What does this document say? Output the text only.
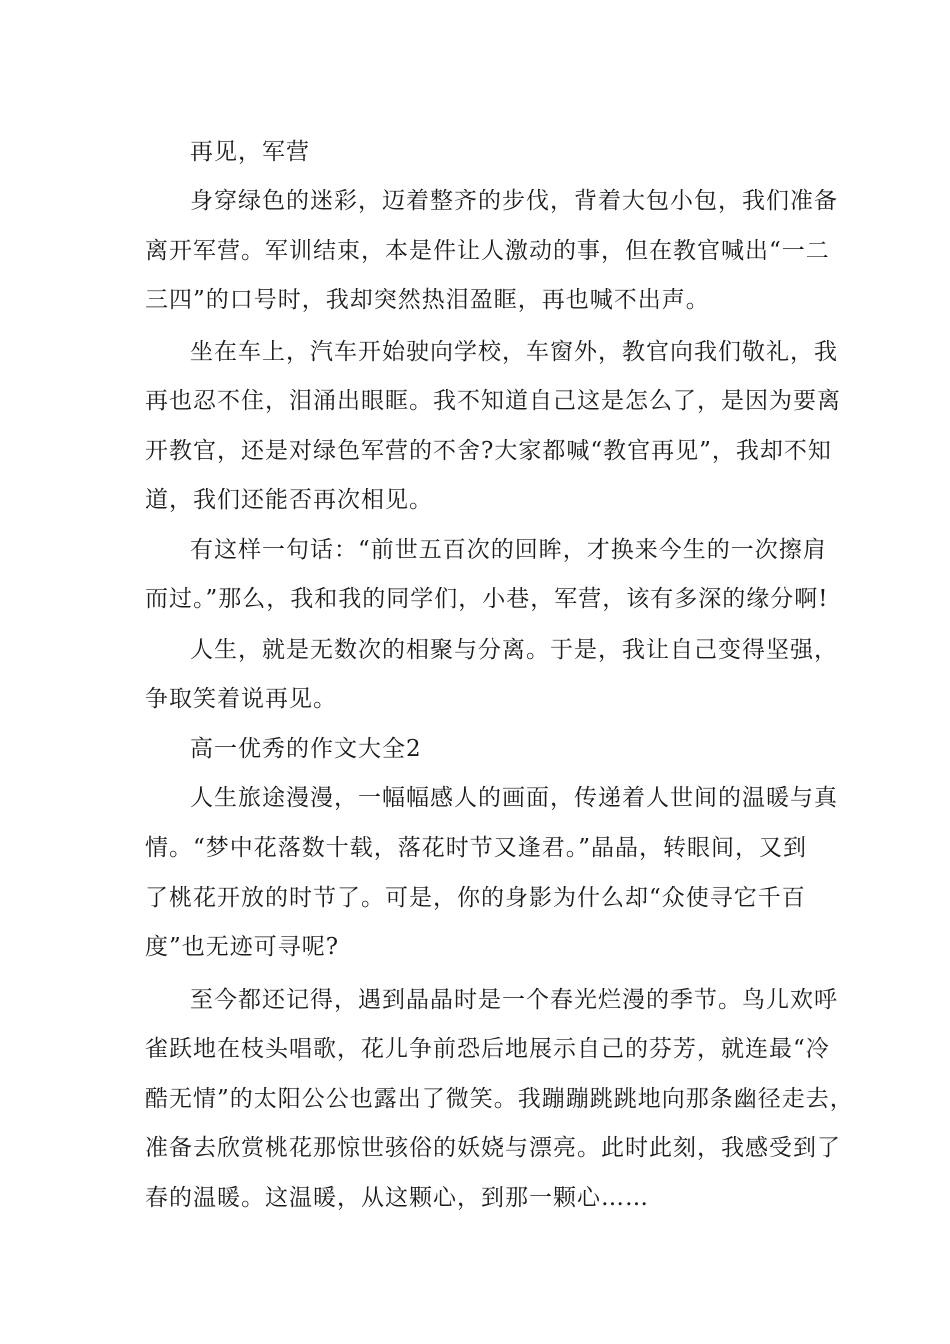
再见，军营
身穿绿色的迷彩，迈着整齐的步伐，背着大包小包，我们准备
离开军营。军训结束，本是件让人激动的事，但在教官喊出“一二
三四”的口号时，我却突然热泪盈眶，再也喊不出声。
坐在车上，汽车开始驶向学校，车窗外，教官向我们敬礼，我
再也忍不住，泪涌出眼眶。我不知道自己这是怎么了，是因为要离
开教官，还是对绿色军营的不舍?大家都喊“教官再见”，我却不知
道，我们还能否再次相见。
有这样一句话：“前世五百次的回眸，才换来今生的一次擦肩
而过。”那么，我和我的同学们，小巷，军营，该有多深的缘分啊!
人生，就是无数次的相聚与分离。于是，我让自己变得坚强，
争取笑着说再见。
高一优秀的作文大全2
人生旅途漫漫，一幅幅感人的画面，传递着人世间的温暖与真
情。“梦中花落数十载，落花时节又逢君。”晶晶，转眼间，又到
了桃花开放的时节了。可是，你的身影为什么却“众使寻它千百
度”也无迹可寻呢?
至今都还记得，遇到晶晶时是一个春光烂漫的季节。鸟儿欢呼
雀跃地在枝头唱歌，花儿争前恐后地展示自己的芬芳，就连最“冷
酷无情”的太阳公公也露出了微笑。我蹦蹦跳跳地向那条幽径走去，
准备去欣赏桃花那惊世骇俗的妖娆与漂亮。此时此刻，我感受到了
春的温暖。这温暖，从这颗心，到那一颗心……
